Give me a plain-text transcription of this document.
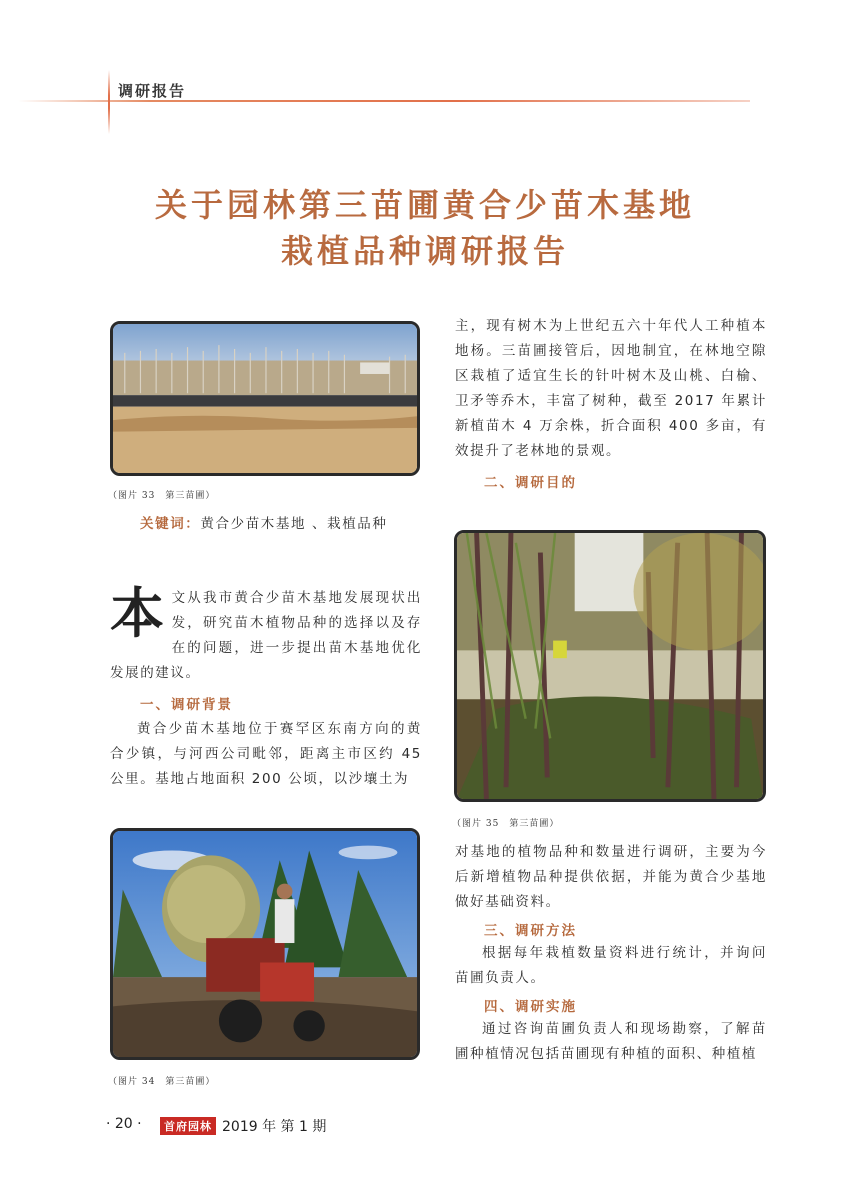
调研报告
关于园林第三苗圃黄合少苗木基地
栽植品种调研报告
（图片 33　第三苗圃）
关键词：黄合少苗木基地 、栽植品种
本文从我市黄合少苗木基地发展现状出发，研究苗木植物品种的选择以及存在的问题，进一步提出苗木基地优化发展的建议。
一、调研背景
黄合少苗木基地位于赛罕区东南方向的黄合少镇，与河西公司毗邻，距离主市区约 45 公里。基地占地面积 200 公顷，以沙壤土为
（图片 34　第三苗圃）
主，现有树木为上世纪五六十年代人工种植本地杨。三苗圃接管后，因地制宜，在林地空隙区栽植了适宜生长的针叶树木及山桃、白榆、卫矛等乔木，丰富了树种，截至 2017 年累计新植苗木 4 万余株，折合面积 400 多亩，有效提升了老林地的景观。
二、调研目的
（图片 35　第三苗圃）
对基地的植物品种和数量进行调研，主要为今后新增植物品种提供依据，并能为黄合少基地做好基础资料。
三、调研方法
根据每年栽植数量资料进行统计，并询问苗圃负责人。
四、调研实施
通过咨询苗圃负责人和现场勘察，了解苗圃种植情况包括苗圃现有种植的面积、种植植
· 20 ·	首府园林 2019 年 第 1 期
